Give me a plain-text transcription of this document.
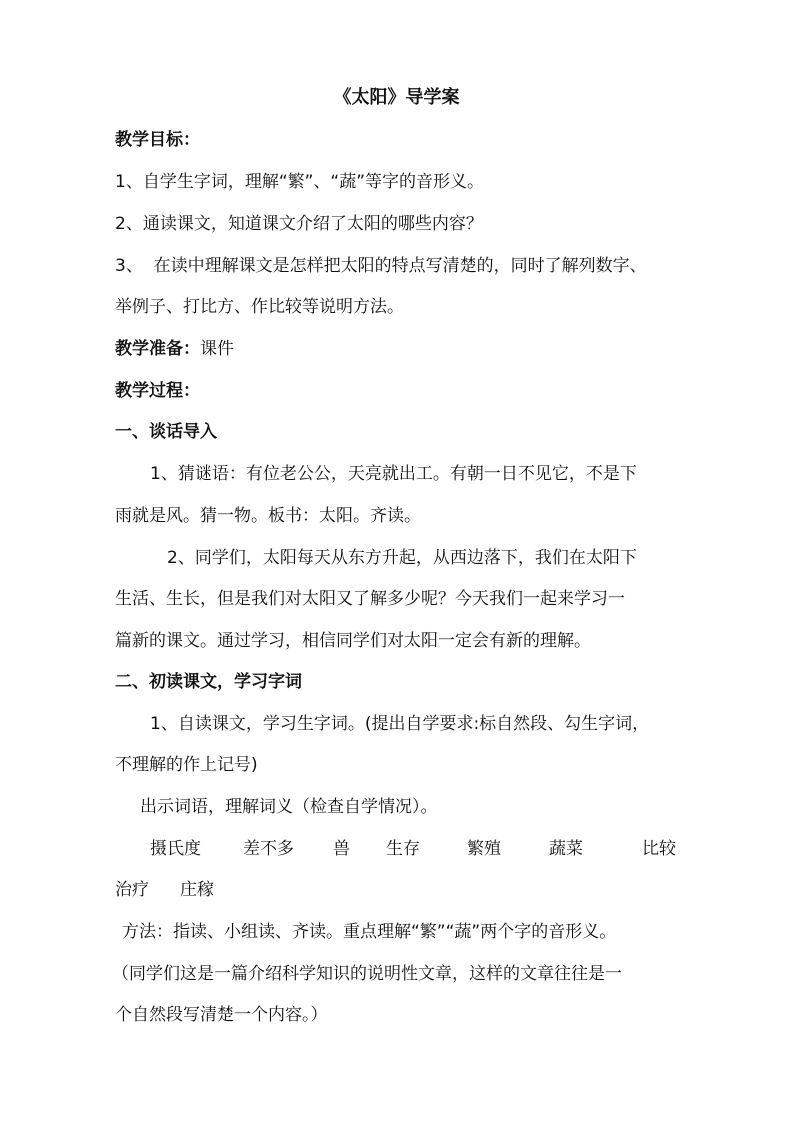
《太阳》导学案
教学目标：
1、自学生字词，理解“繁”、“蔬”等字的音形义。
2、通读课文，知道课文介绍了太阳的哪些内容？
3、  在读中理解课文是怎样把太阳的特点写清楚的，同时了解列数字、
举例子、打比方、作比较等说明方法。
教学准备：课件
教学过程：
一、谈话导入
1、猜谜语：有位老公公，天亮就出工。有朝一日不见它，不是下
雨就是风。猜一物。板书：太阳。齐读。
2、同学们，太阳每天从东方升起，从西边落下，我们在太阳下
生活、生长，但是我们对太阳又了解多少呢？今天我们一起来学习一
篇新的课文。通过学习，相信同学们对太阳一定会有新的理解。
二、初读课文，学习字词
1、自读课文，学习生字词。(提出自学要求:标自然段、勾生字词，
不理解的作上记号)
出示词语，理解词义（检查自学情况）。
摄氏度 差不多 兽 生存	繁殖	蔬菜	比较
治疗 庄稼
方法：指读、小组读、齐读。重点理解“繁”“蔬”两个字的音形义。
（同学们这是一篇介绍科学知识的说明性文章，这样的文章往往是一
个自然段写清楚一个内容。）
